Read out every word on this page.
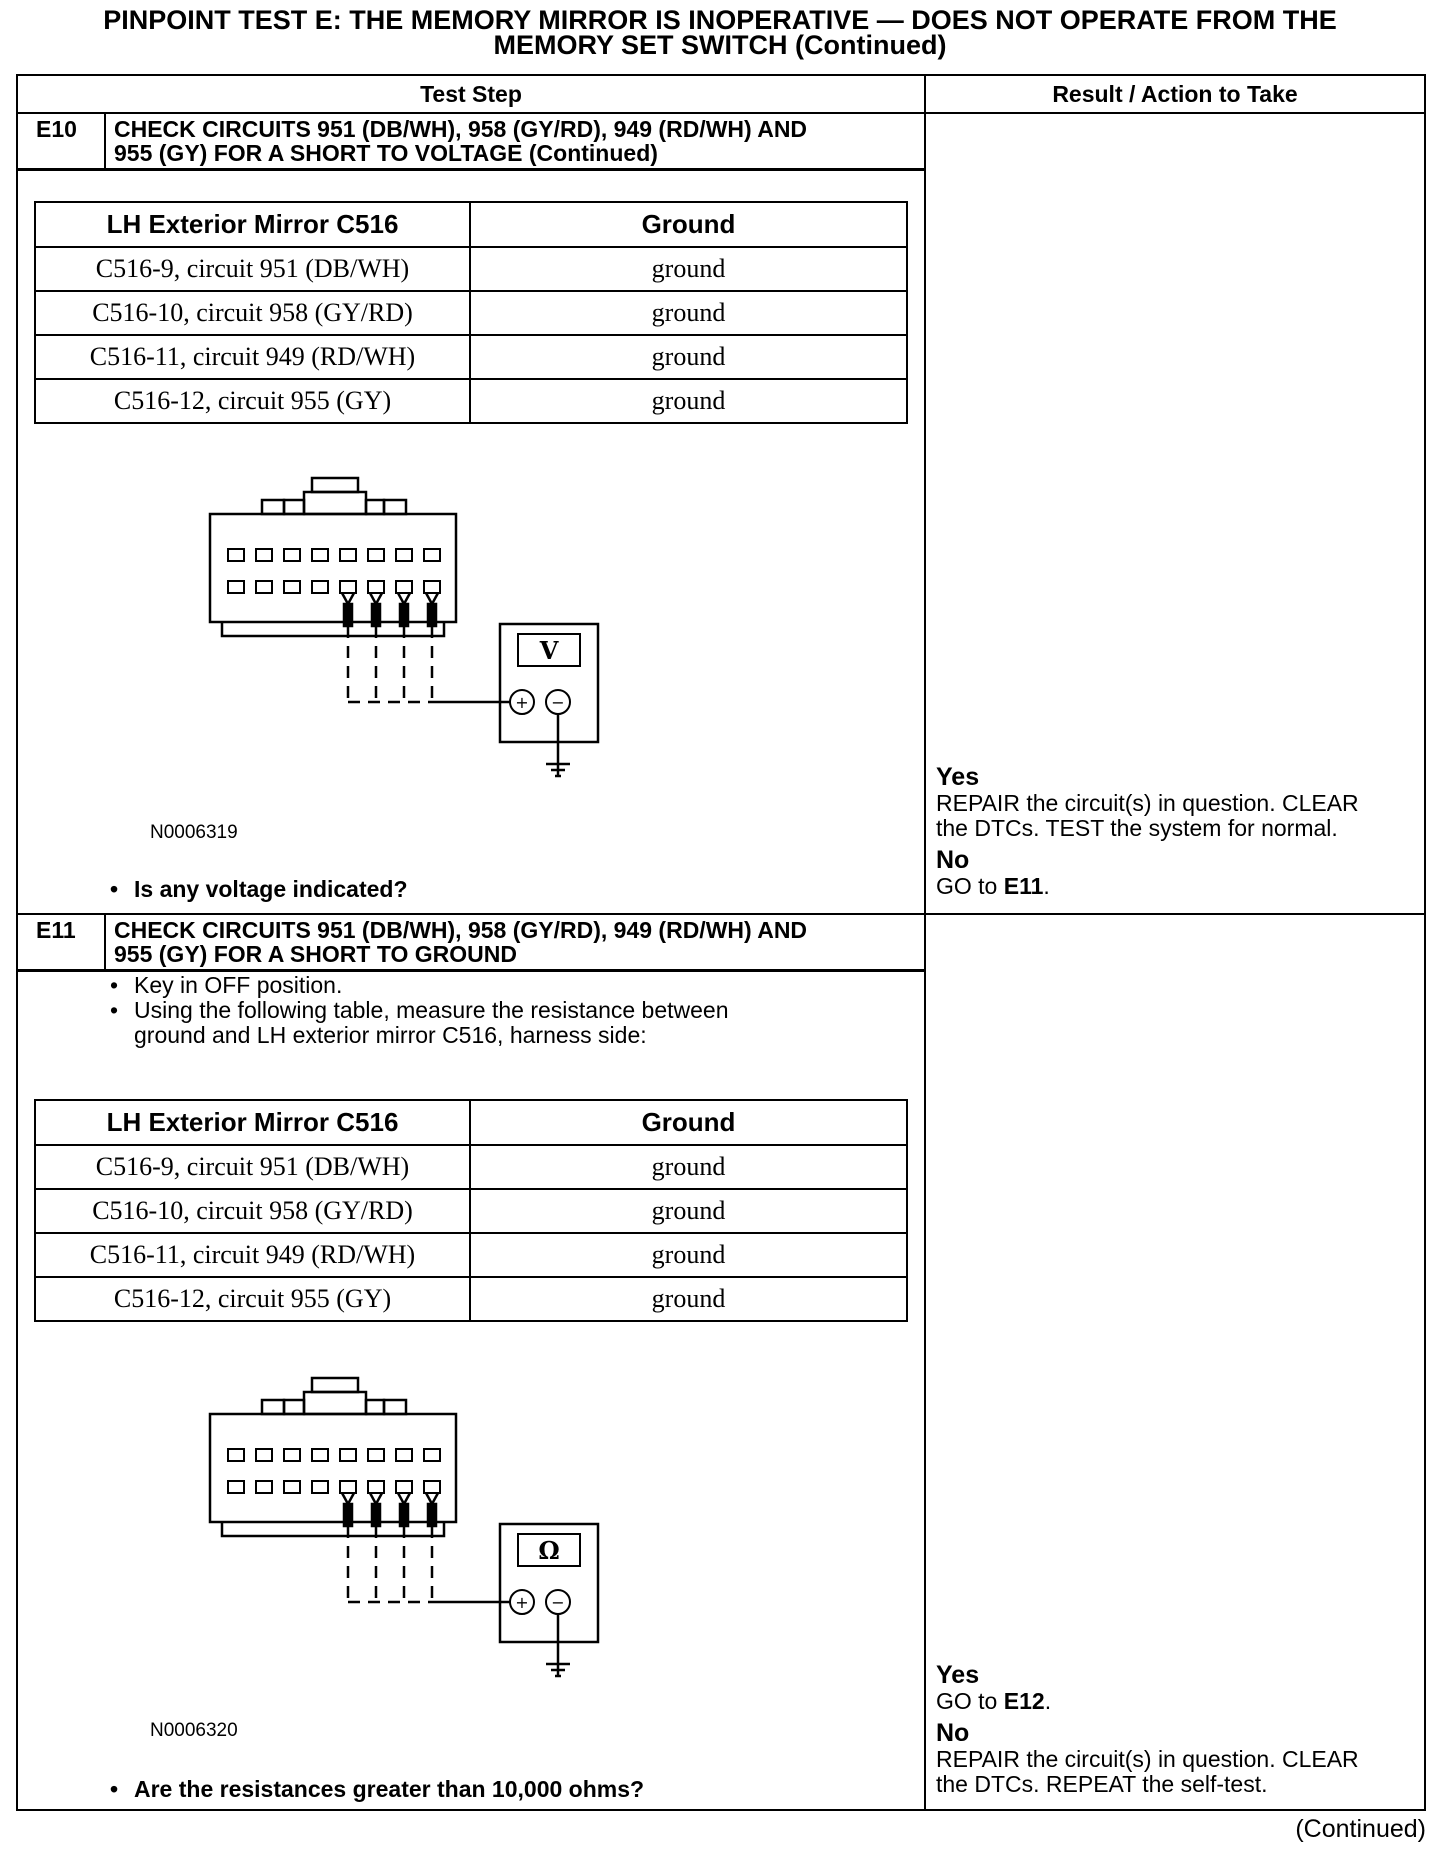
PINPOINT TEST E: THE MEMORY MIRROR IS INOPERATIVE — DOES NOT OPERATE FROM THE
MEMORY SET SWITCH (Continued)
Test Step	Result / Action to Take
E10 CHECK CIRCUITS 951 (DB/WH), 958 (GY/RD), 949 (RD/WH) AND
955 (GY) FOR A SHORT TO VOLTAGE (Continued)
LH Exterior Mirror C516	Ground
C516-9, circuit 951 (DB/WH)	ground
C516-10, circuit 958 (GY/RD)	ground
C516-11, circuit 949 (RD/WH)	ground
C516-12, circuit 955 (GY)	ground
V
+ −
N0006319
• Is any voltage indicated?
Yes
REPAIR the circuit(s) in question. CLEAR
the DTCs. TEST the system for normal.
No
GO to E11.
E11 CHECK CIRCUITS 951 (DB/WH), 958 (GY/RD), 949 (RD/WH) AND
955 (GY) FOR A SHORT TO GROUND
• Key in OFF position.
• Using the following table, measure the resistance between
ground and LH exterior mirror C516, harness side:
LH Exterior Mirror C516	Ground
C516-9, circuit 951 (DB/WH)	ground
C516-10, circuit 958 (GY/RD)	ground
C516-11, circuit 949 (RD/WH)	ground
C516-12, circuit 955 (GY)	ground
Ω
+ −
N0006320
• Are the resistances greater than 10,000 ohms?
Yes
GO to E12.
No
REPAIR the circuit(s) in question. CLEAR
the DTCs. REPEAT the self-test.
(Continued)
